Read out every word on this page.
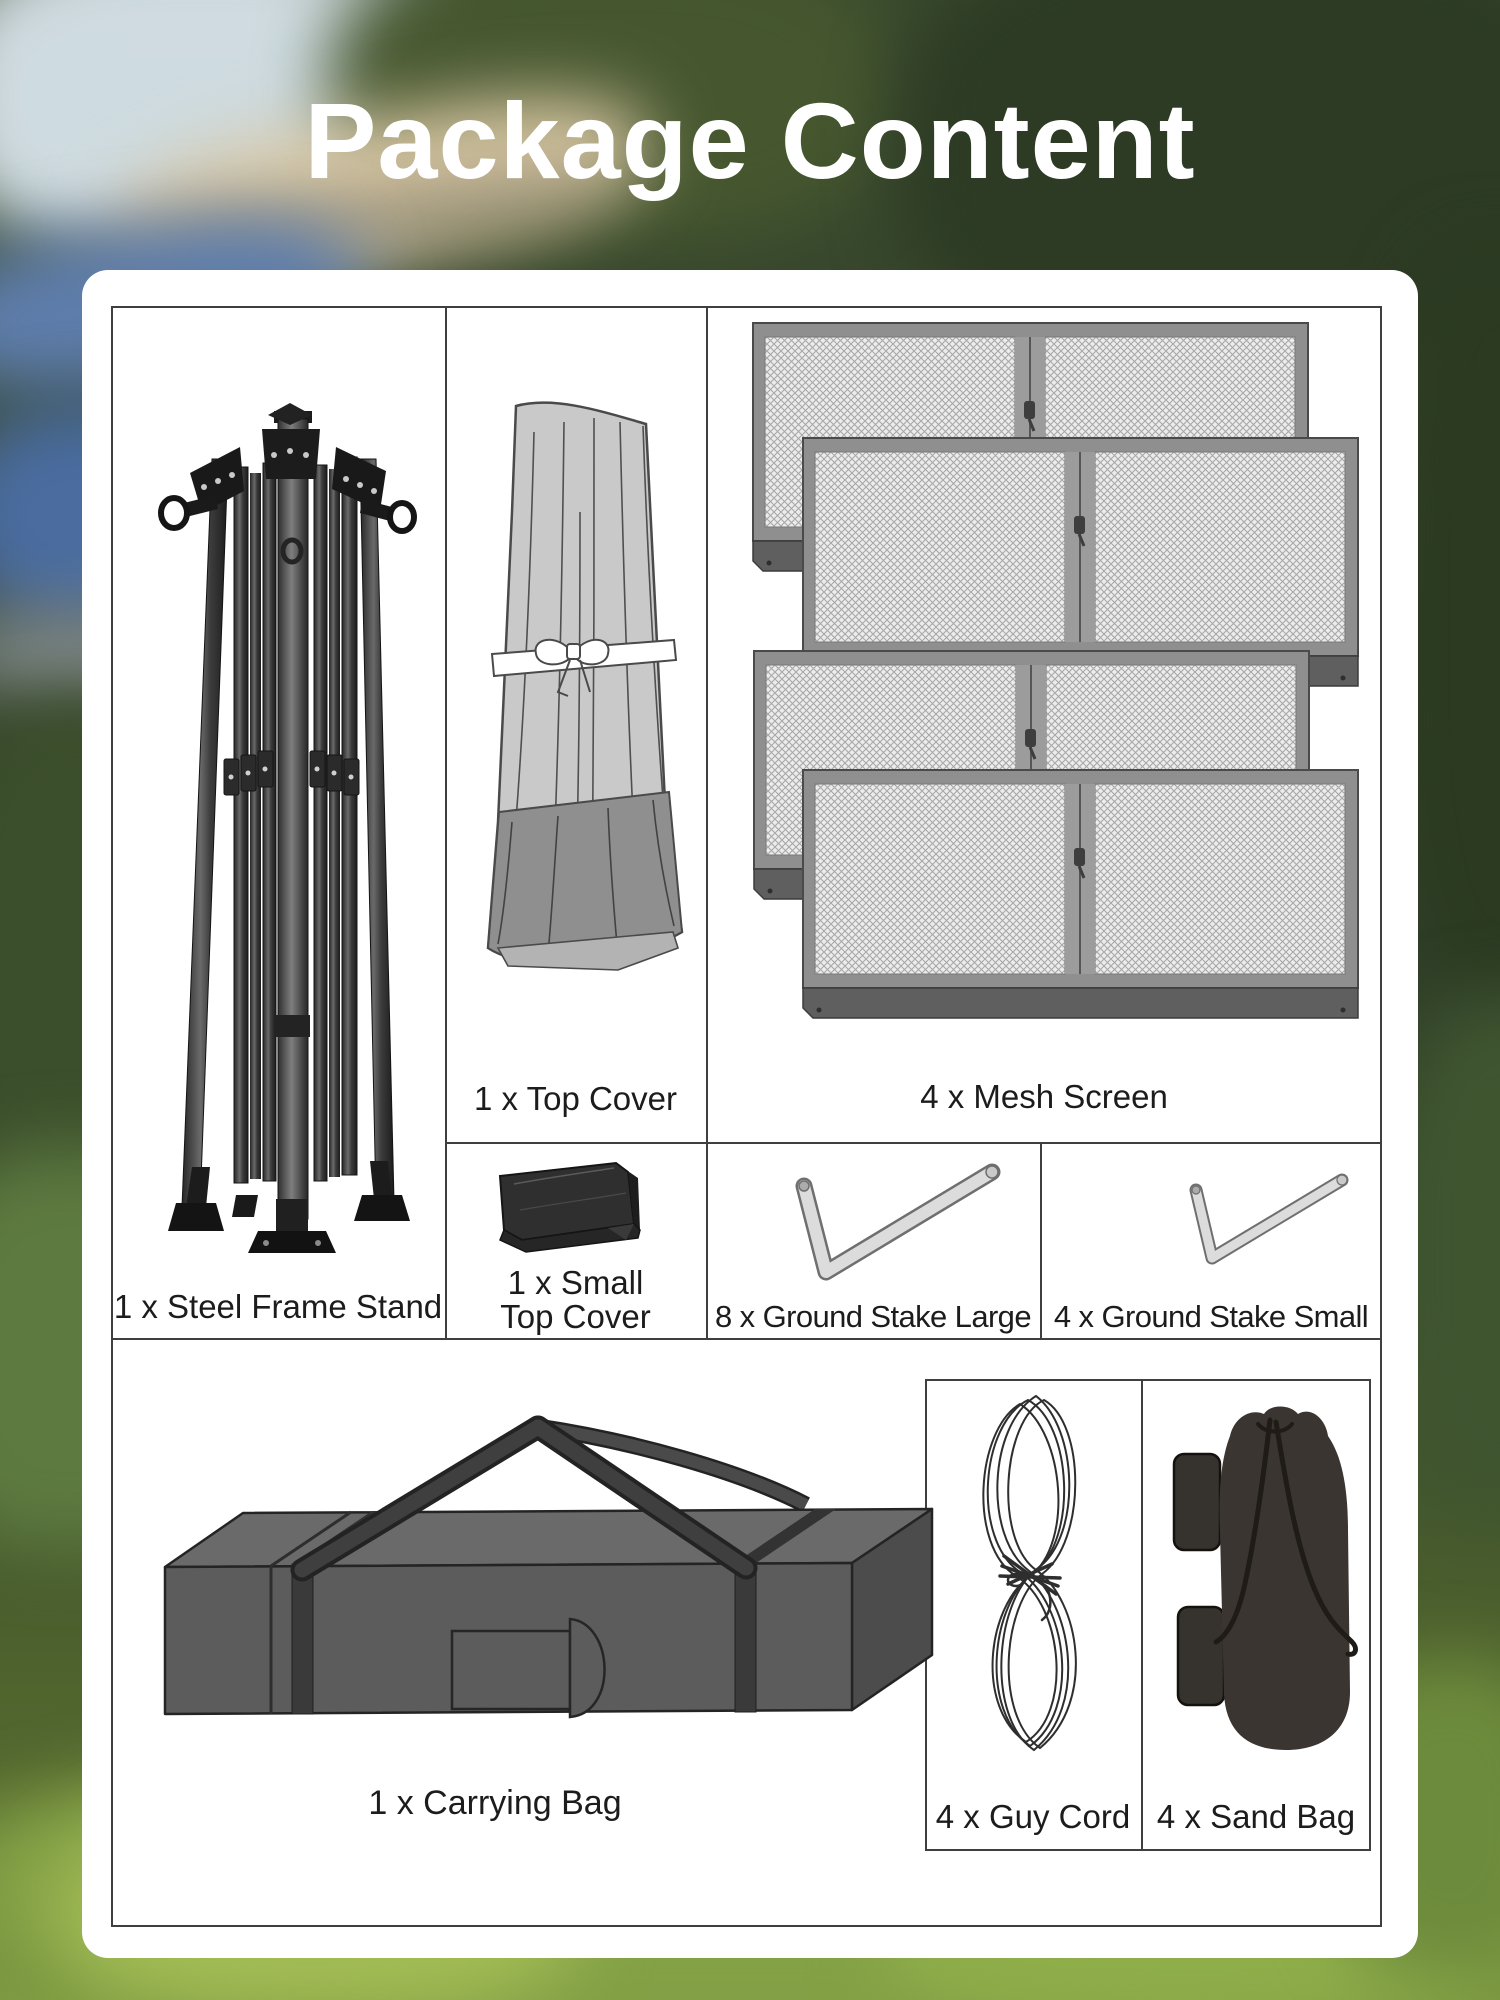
Package Content
1 x Steel Frame Stand
1 x Top Cover	4 x Mesh Screen
1 x Small
Top Cover	8 x Ground Stake Large 4 x Ground Stake Small
1 x Carrying Bag	4 x Guy Cord 4 x Sand Bag
